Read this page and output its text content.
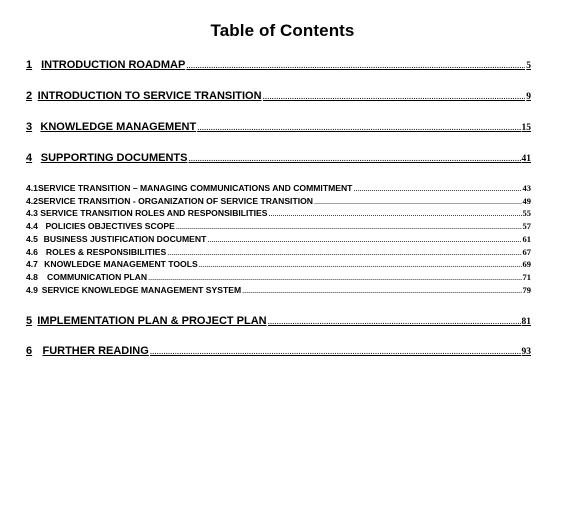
Table of Contents
1 INTRODUCTION ROADMAP .....	5
2 INTRODUCTION TO SERVICE TRANSITION .....	9
3 KNOWLEDGE MANAGEMENT .....	15
4 SUPPORTING DOCUMENTS .....	41
4.1 SERVICE TRANSITION – MANAGING COMMUNICATIONS AND COMMITMENT .....	43
4.2 SERVICE TRANSITION - ORGANIZATION OF SERVICE TRANSITION .....	49
4.3 SERVICE TRANSITION ROLES AND RESPONSIBILITIES .....	55
4.4 POLICIES OBJECTIVES SCOPE .....	57
4.5 BUSINESS JUSTIFICATION DOCUMENT .....	61
4.6 ROLES & RESPONSIBILITIES .....	67
4.7 KNOWLEDGE MANAGEMENT TOOLS .....	69
4.8	COMMUNICATION PLAN .....	71
4.9 SERVICE KNOWLEDGE MANAGEMENT SYSTEM .....	79
5 IMPLEMENTATION PLAN & PROJECT PLAN .....	81
6 FURTHER READING .....	93
